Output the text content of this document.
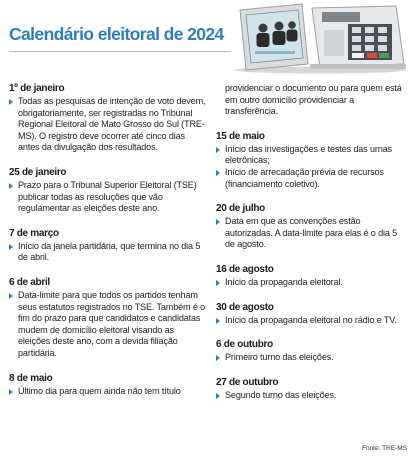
Calendário eleitoral de 2024
1º de janeiro
Todas as pesquisas de intenção de voto devem, obrigatoriamente, ser registradas no Tribunal Regional Eleitoral de Mato Grosso do Sul (TRE-MS). O registro deve ocorrer até cinco dias antes da divulgação dos resultados.
25 de janeiro
Prazo para o Tribunal Superior Eleitoral (TSE) publicar todas as resoluções que vão regulamentar as eleições deste ano.
7 de março
Início da janela partidária, que termina no dia 5 de abril.
6 de abril
Data-limite para que todos os partidos tenham seus estatutos registrados no TSE. Também é o fim do prazo para que candidatos e candidatas mudem de domicílio eleitoral visando as eleições deste ano, com a devida filiação partidária.
8 de maio
Último dia para quem ainda não tem título
providenciar o documento ou para quem está em outro domicílio providenciar a transferência.
15 de maio
Início das investigações e testes das urnas eletrônicas;
Início de arrecadação prévia de recursos (financiamento coletivo).
20 de julho
Data em que as convenções estão autorizadas. A data-limite para elas é o dia 5 de agosto.
16 de agosto
Início da propaganda eleitoral.
30 de agosto
Início da propaganda eleitoral no rádio e TV.
6 de outubro
Primeiro turno das eleições.
27 de outubro
Segundo turno das eleições.
Fonte: TRE-MS
